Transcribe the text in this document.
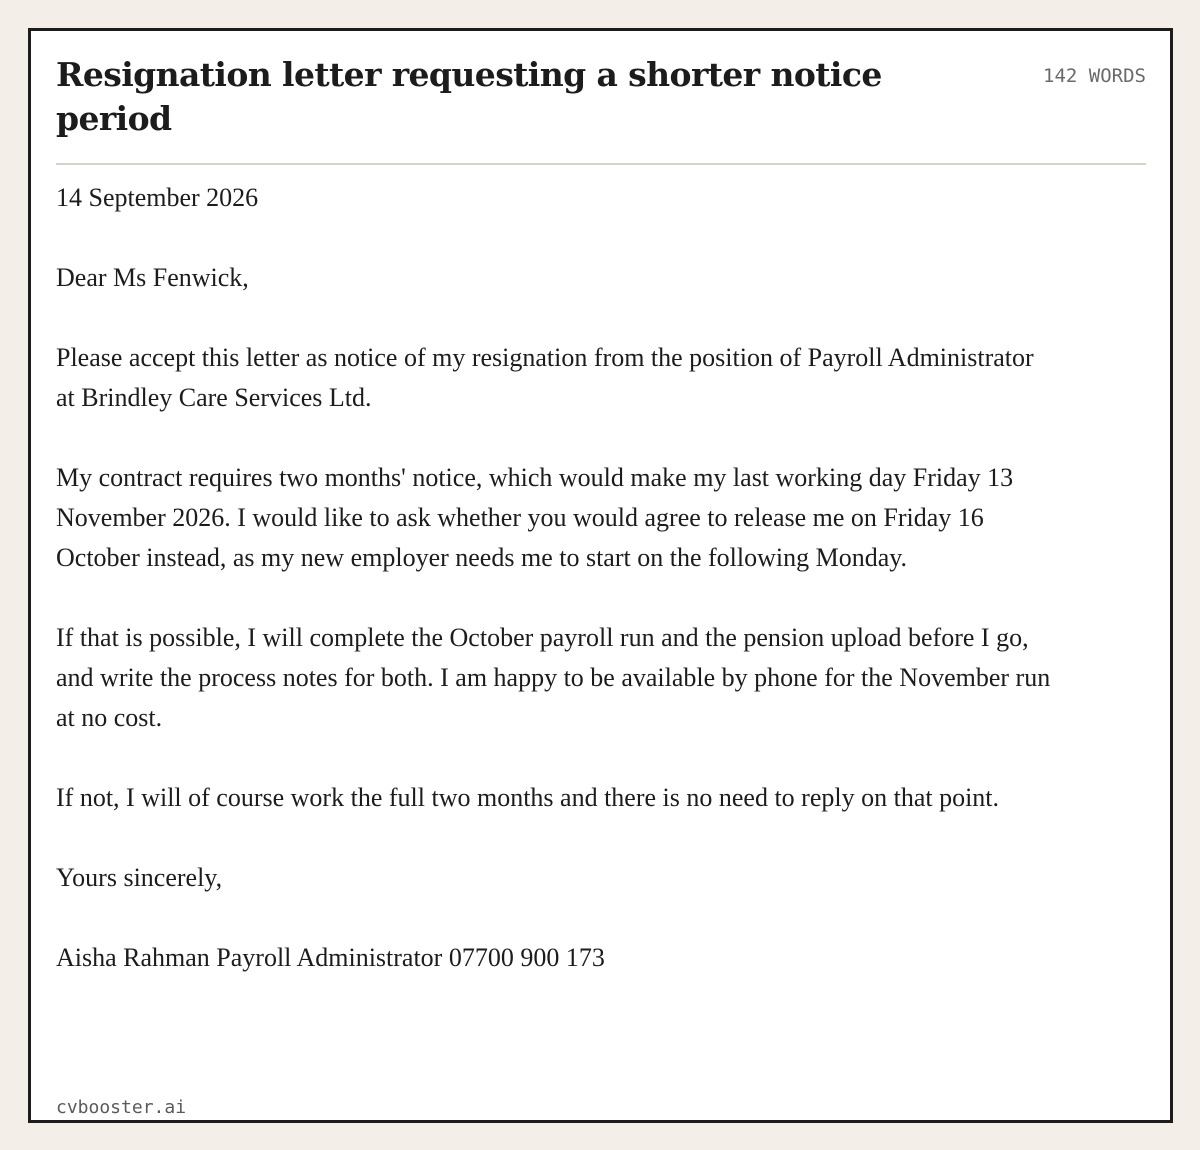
Resignation letter requesting a shorter notice period
142 WORDS

14 September 2026

Dear Ms Fenwick,

Please accept this letter as notice of my resignation from the position of Payroll Administrator at Brindley Care Services Ltd.

My contract requires two months' notice, which would make my last working day Friday 13 November 2026. I would like to ask whether you would agree to release me on Friday 16 October instead, as my new employer needs me to start on the following Monday.

If that is possible, I will complete the October payroll run and the pension upload before I go, and write the process notes for both. I am happy to be available by phone for the November run at no cost.

If not, I will of course work the full two months and there is no need to reply on that point.

Yours sincerely,

Aisha Rahman Payroll Administrator 07700 900 173

cvbooster.ai
